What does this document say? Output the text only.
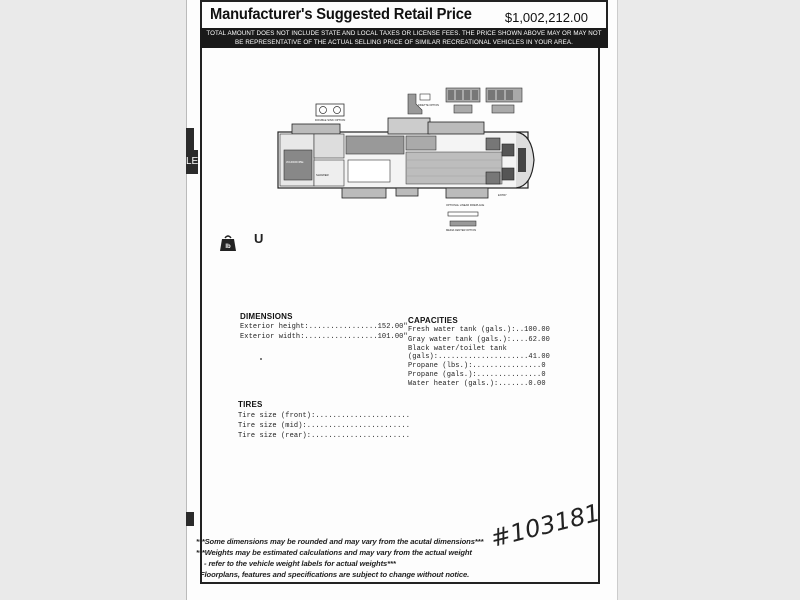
LE
Manufacturer's Suggested Retail Price	$1,002,212.00
TOTAL AMOUNT DOES NOT INCLUDE STATE AND LOCAL TAXES OR LICENSE FEES. THE PRICE SHOWN ABOVE MAY OR MAY NOT
BE REPRESENTATIVE OF THE ACTUAL SELLING PRICE OF SIMILAR RECREATIONAL VEHICLES IN YOUR AREA.
DOUBLE SINK OPTION
DINETTE OPTION
WARDROBE
SHOWER
OPTIONAL LINEAR FIREPLACE
MEDIA CENTER OPTION
ENTRY
lb
U
DIMENSIONS
Exterior height:................152.00"
Exterior width:.................101.00"
CAPACITIES
Fresh water tank (gals.):..100.00
Gray water tank (gals.):....62.00
Black water/toilet tank
(gals):.....................41.00
Propane (lbs.):................0
Propane (gals.):...............0
Water heater (gals.):.......0.00
TIRES
Tire size (front):......................
Tire size (mid):........................
Tire size (rear):.......................
#103181
***Some dimensions may be rounded and may vary from the acutal dimensions***
***Weights may be estimated calculations and may vary from the actual weight
- refer to the vehicle weight labels for actual weights***
Floorplans, features and specifications are subject to change without notice.
